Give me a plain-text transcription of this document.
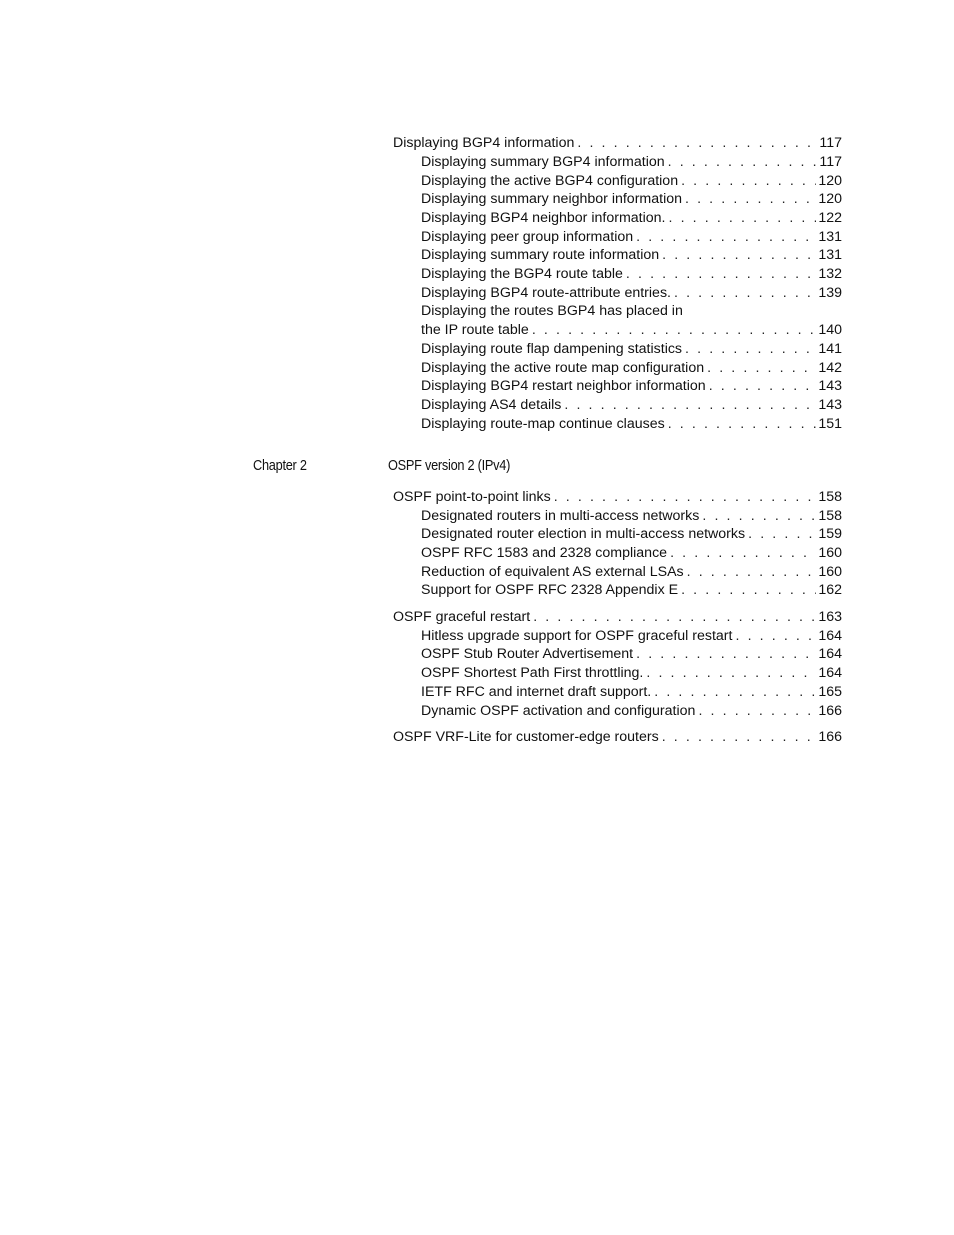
Displaying BGP4 information . . .	117
Displaying summary BGP4 information . . .	117
Displaying the active BGP4 configuration . . .	120
Displaying summary neighbor information . . .	120
Displaying BGP4 neighbor information. . . .	122
Displaying peer group information . . .	131
Displaying summary route information . . .	131
Displaying the BGP4 route table . . .	132
Displaying BGP4 route-attribute entries. . . .	139
Displaying the routes BGP4 has placed in
the IP route table . . .	140
Displaying route flap dampening statistics . . .	141
Displaying the active route map configuration . . .	142
Displaying BGP4 restart neighbor information . . .	143
Displaying AS4 details . . .	143
Displaying route-map continue clauses . . .	151
Chapter 2	OSPF version 2 (IPv4)
OSPF point-to-point links . . .	158
Designated routers in multi-access networks . . .	158
Designated router election in multi-access networks . . .	159
OSPF RFC 1583 and 2328 compliance . . .	160
Reduction of equivalent AS external LSAs . . .	160
Support for OSPF RFC 2328 Appendix E . . .	162
OSPF graceful restart . . .	163
Hitless upgrade support for OSPF graceful restart . . .	164
OSPF Stub Router Advertisement . . .	164
OSPF Shortest Path First throttling. . . .	164
IETF RFC and internet draft support. . . .	165
Dynamic OSPF activation and configuration . . .	166
OSPF VRF-Lite for customer-edge routers . . .	166
